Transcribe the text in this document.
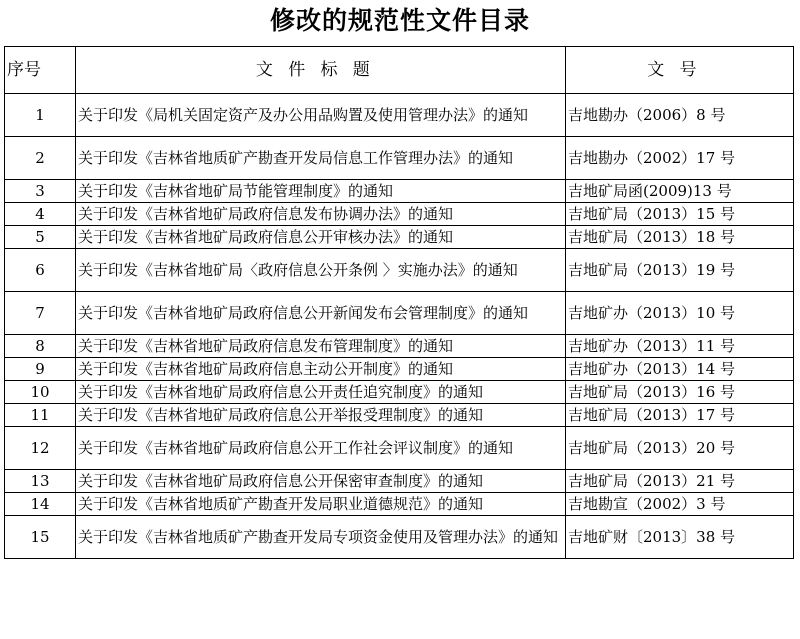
修改的规范性文件目录
序号	文件标题	文号
1	关于印发《局机关固定资产及办公用品购置及使用管理办法》的通知	吉地勘办（2006）8 号
2	关于印发《吉林省地质矿产勘查开发局信息工作管理办法》的通知	吉地勘办（2002）17 号
3	关于印发《吉林省地矿局节能管理制度》的通知	吉地矿局函(2009)13 号
4	关于印发《吉林省地矿局政府信息发布协调办法》的通知	吉地矿局（2013）15 号
5	关于印发《吉林省地矿局政府信息公开审核办法》的通知	吉地矿局（2013）18 号
6	关于印发《吉林省地矿局〈政府信息公开条例 〉实施办法》的通知	吉地矿局（2013）19 号
7	关于印发《吉林省地矿局政府信息公开新闻发布会管理制度》的通知	吉地矿办（2013）10 号
8	关于印发《吉林省地矿局政府信息发布管理制度》的通知	吉地矿办（2013）11 号
9	关于印发《吉林省地矿局政府信息主动公开制度》的通知	吉地矿办（2013）14 号
10	关于印发《吉林省地矿局政府信息公开责任追究制度》的通知	吉地矿局（2013）16 号
11	关于印发《吉林省地矿局政府信息公开举报受理制度》的通知	吉地矿局（2013）17 号
12	关于印发《吉林省地矿局政府信息公开工作社会评议制度》的通知	吉地矿局（2013）20 号
13	关于印发《吉林省地矿局政府信息公开保密审查制度》的通知	吉地矿局（2013）21 号
14	关于印发《吉林省地质矿产勘查开发局职业道德规范》的通知	吉地勘宣（2002）3 号
15	关于印发《吉林省地质矿产勘查开发局专项资金使用及管理办法》的通知	吉地矿财〔2013〕38 号
